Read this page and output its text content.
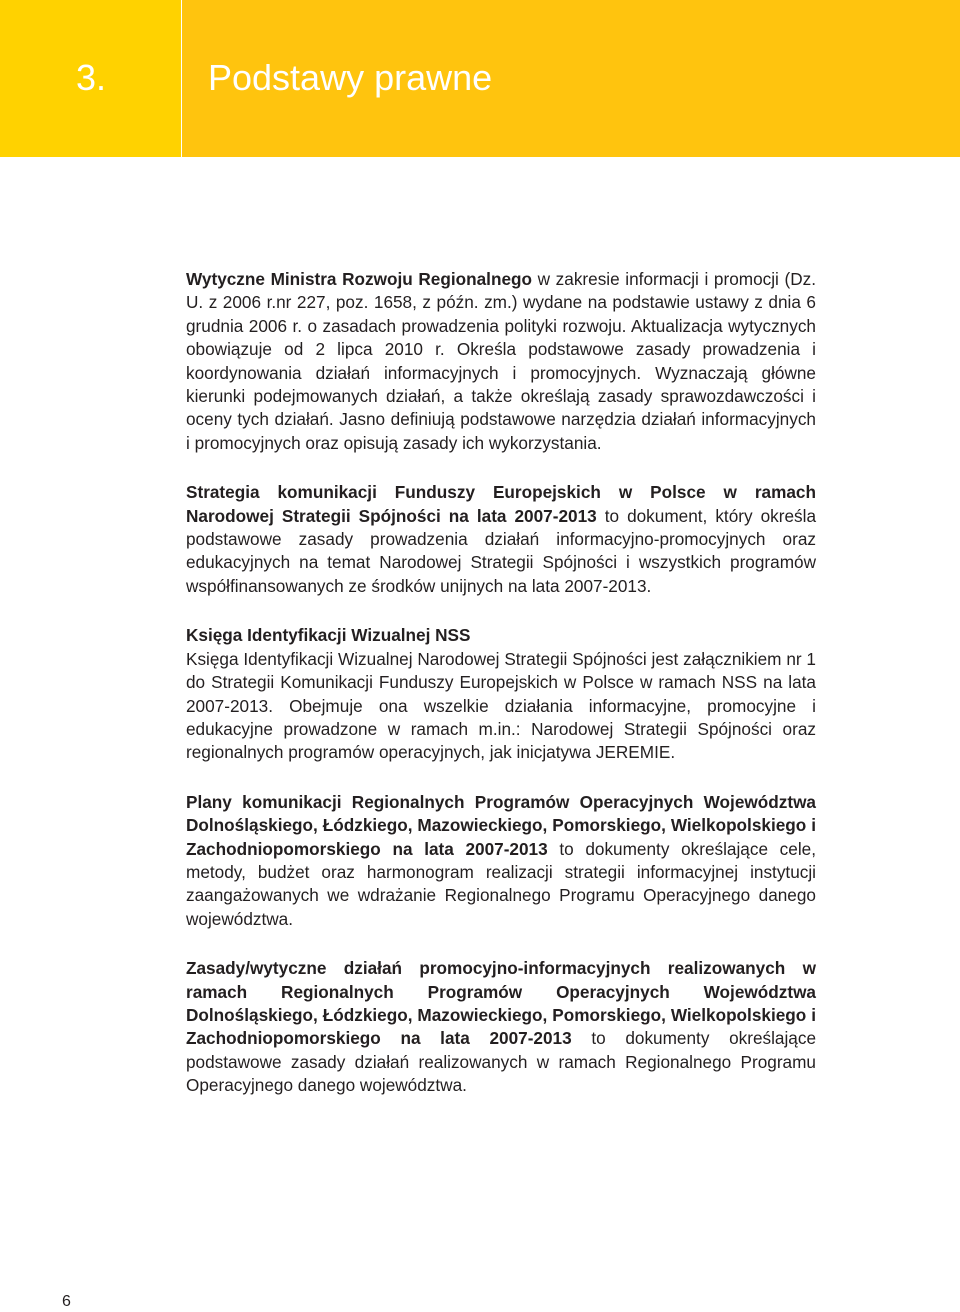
3.	Podstawy prawne

Wytyczne Ministra Rozwoju Regionalnego w zakresie informacji i promocji (Dz. U. z 2006 r.nr 227, poz. 1658, z późn. zm.) wydane na podstawie ustawy z dnia 6 grudnia 2006 r. o zasadach prowadzenia polityki rozwoju. Aktualizacja wytycznych obowiązuje od 2 lipca 2010 r. Określa podstawowe zasady prowadzenia i koordynowania działań informacyjnych i promocyjnych. Wyznaczają główne kierunki podejmowanych działań, a także określają zasady sprawozdawczości i oceny tych działań. Jasno definiują podstawowe narzędzia działań informacyjnych i promocyjnych oraz opisują zasady ich wykorzystania.

Strategia komunikacji Funduszy Europejskich w Polsce w ramach Narodowej Strategii Spójności na lata 2007-2013 to dokument, który określa podstawowe zasady prowadzenia działań informacyjno-promocyjnych oraz edukacyjnych na temat Narodowej Strategii Spójności i wszystkich programów współfinansowanych ze środków unijnych na lata 2007-2013.

Księga Identyfikacji Wizualnej NSS
Księga Identyfikacji Wizualnej Narodowej Strategii Spójności jest załącznikiem nr 1 do Strategii Komunikacji Funduszy Europejskich w Polsce w ramach NSS na lata 2007-2013. Obejmuje ona wszelkie działania informacyjne, promocyjne i edukacyjne prowadzone w ramach m.in.: Narodowej Strategii Spójności oraz regionalnych programów operacyjnych, jak inicjatywa JEREMIE.

Plany komunikacji Regionalnych Programów Operacyjnych Województwa Dolnośląskiego, Łódzkiego, Mazowieckiego, Pomorskiego, Wielkopolskiego i Zachodniopomorskiego na lata 2007-2013 to dokumenty określające cele, metody, budżet oraz harmonogram realizacji strategii informacyjnej instytucji zaangażowanych we wdrażanie Regionalnego Programu Operacyjnego danego województwa.

Zasady/wytyczne działań promocyjno-informacyjnych realizowanych w ramach Regionalnych Programów Operacyjnych Województwa Dolnośląskiego, Łódzkiego, Mazowieckiego, Pomorskiego, Wielkopolskiego i Zachodniopomorskiego na lata 2007-2013 to dokumenty określające podstawowe zasady działań realizowanych w ramach Regionalnego Programu Operacyjnego danego województwa.

6
